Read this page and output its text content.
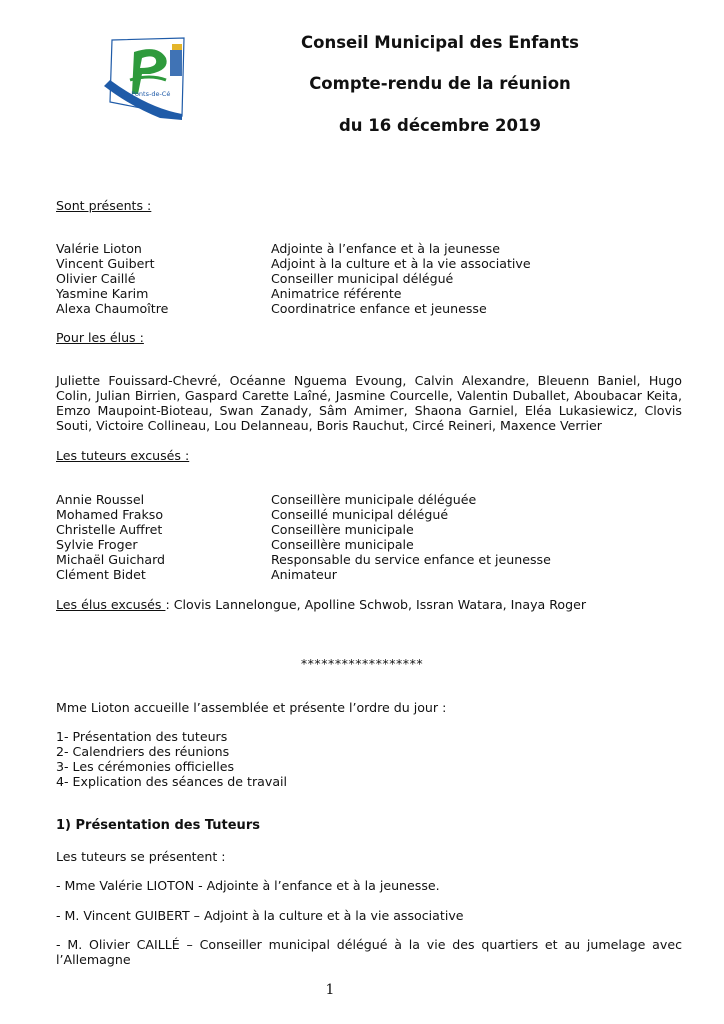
les Ponts-de-Cé
Conseil Municipal des Enfants
Compte-rendu de la réunion
du 16 décembre 2019
Sont présents :
Valérie Lioton	Adjointe à l’enfance et à la jeunesse
Vincent Guibert	Adjoint à la culture et à la vie associative
Olivier Caillé	Conseiller municipal délégué
Yasmine Karim	Animatrice référente
Alexa Chaumoître	Coordinatrice enfance et jeunesse
Pour les élus :
Juliette Fouissard-Chevré, Océanne Nguema Evoung, Calvin Alexandre, Bleuenn Baniel, Hugo Colin, Julian Birrien, Gaspard Carette Laîné, Jasmine Courcelle, Valentin Duballet, Aboubacar Keita, Emzo Maupoint-Bioteau, Swan Zanady, Sâm Amimer, Shaona Garniel, Eléa Lukasiewicz, Clovis Souti, Victoire Collineau, Lou Delanneau, Boris Rauchut, Circé Reineri, Maxence Verrier
Les tuteurs excusés :
Annie Roussel	Conseillère municipale déléguée
Mohamed Frakso	Conseillé municipal délégué
Christelle Auffret	Conseillère municipale
Sylvie Froger	Conseillère municipale
Michaël Guichard	Responsable du service enfance et jeunesse
Clément Bidet	Animateur
Les élus excusés : Clovis Lannelongue, Apolline Schwob, Issran Watara, Inaya Roger
******************
Mme Lioton accueille l’assemblée et présente l’ordre du jour :
1- Présentation des tuteurs
2- Calendriers des réunions
3- Les cérémonies officielles
4- Explication des séances de travail
1) Présentation des Tuteurs
Les tuteurs se présentent :
- Mme Valérie LIOTON - Adjointe à l’enfance et à la jeunesse.
- M. Vincent GUIBERT – Adjoint à la culture et à la vie associative
- M. Olivier CAILLÉ – Conseiller municipal délégué à la vie des quartiers et au jumelage avec l’Allemagne
1
